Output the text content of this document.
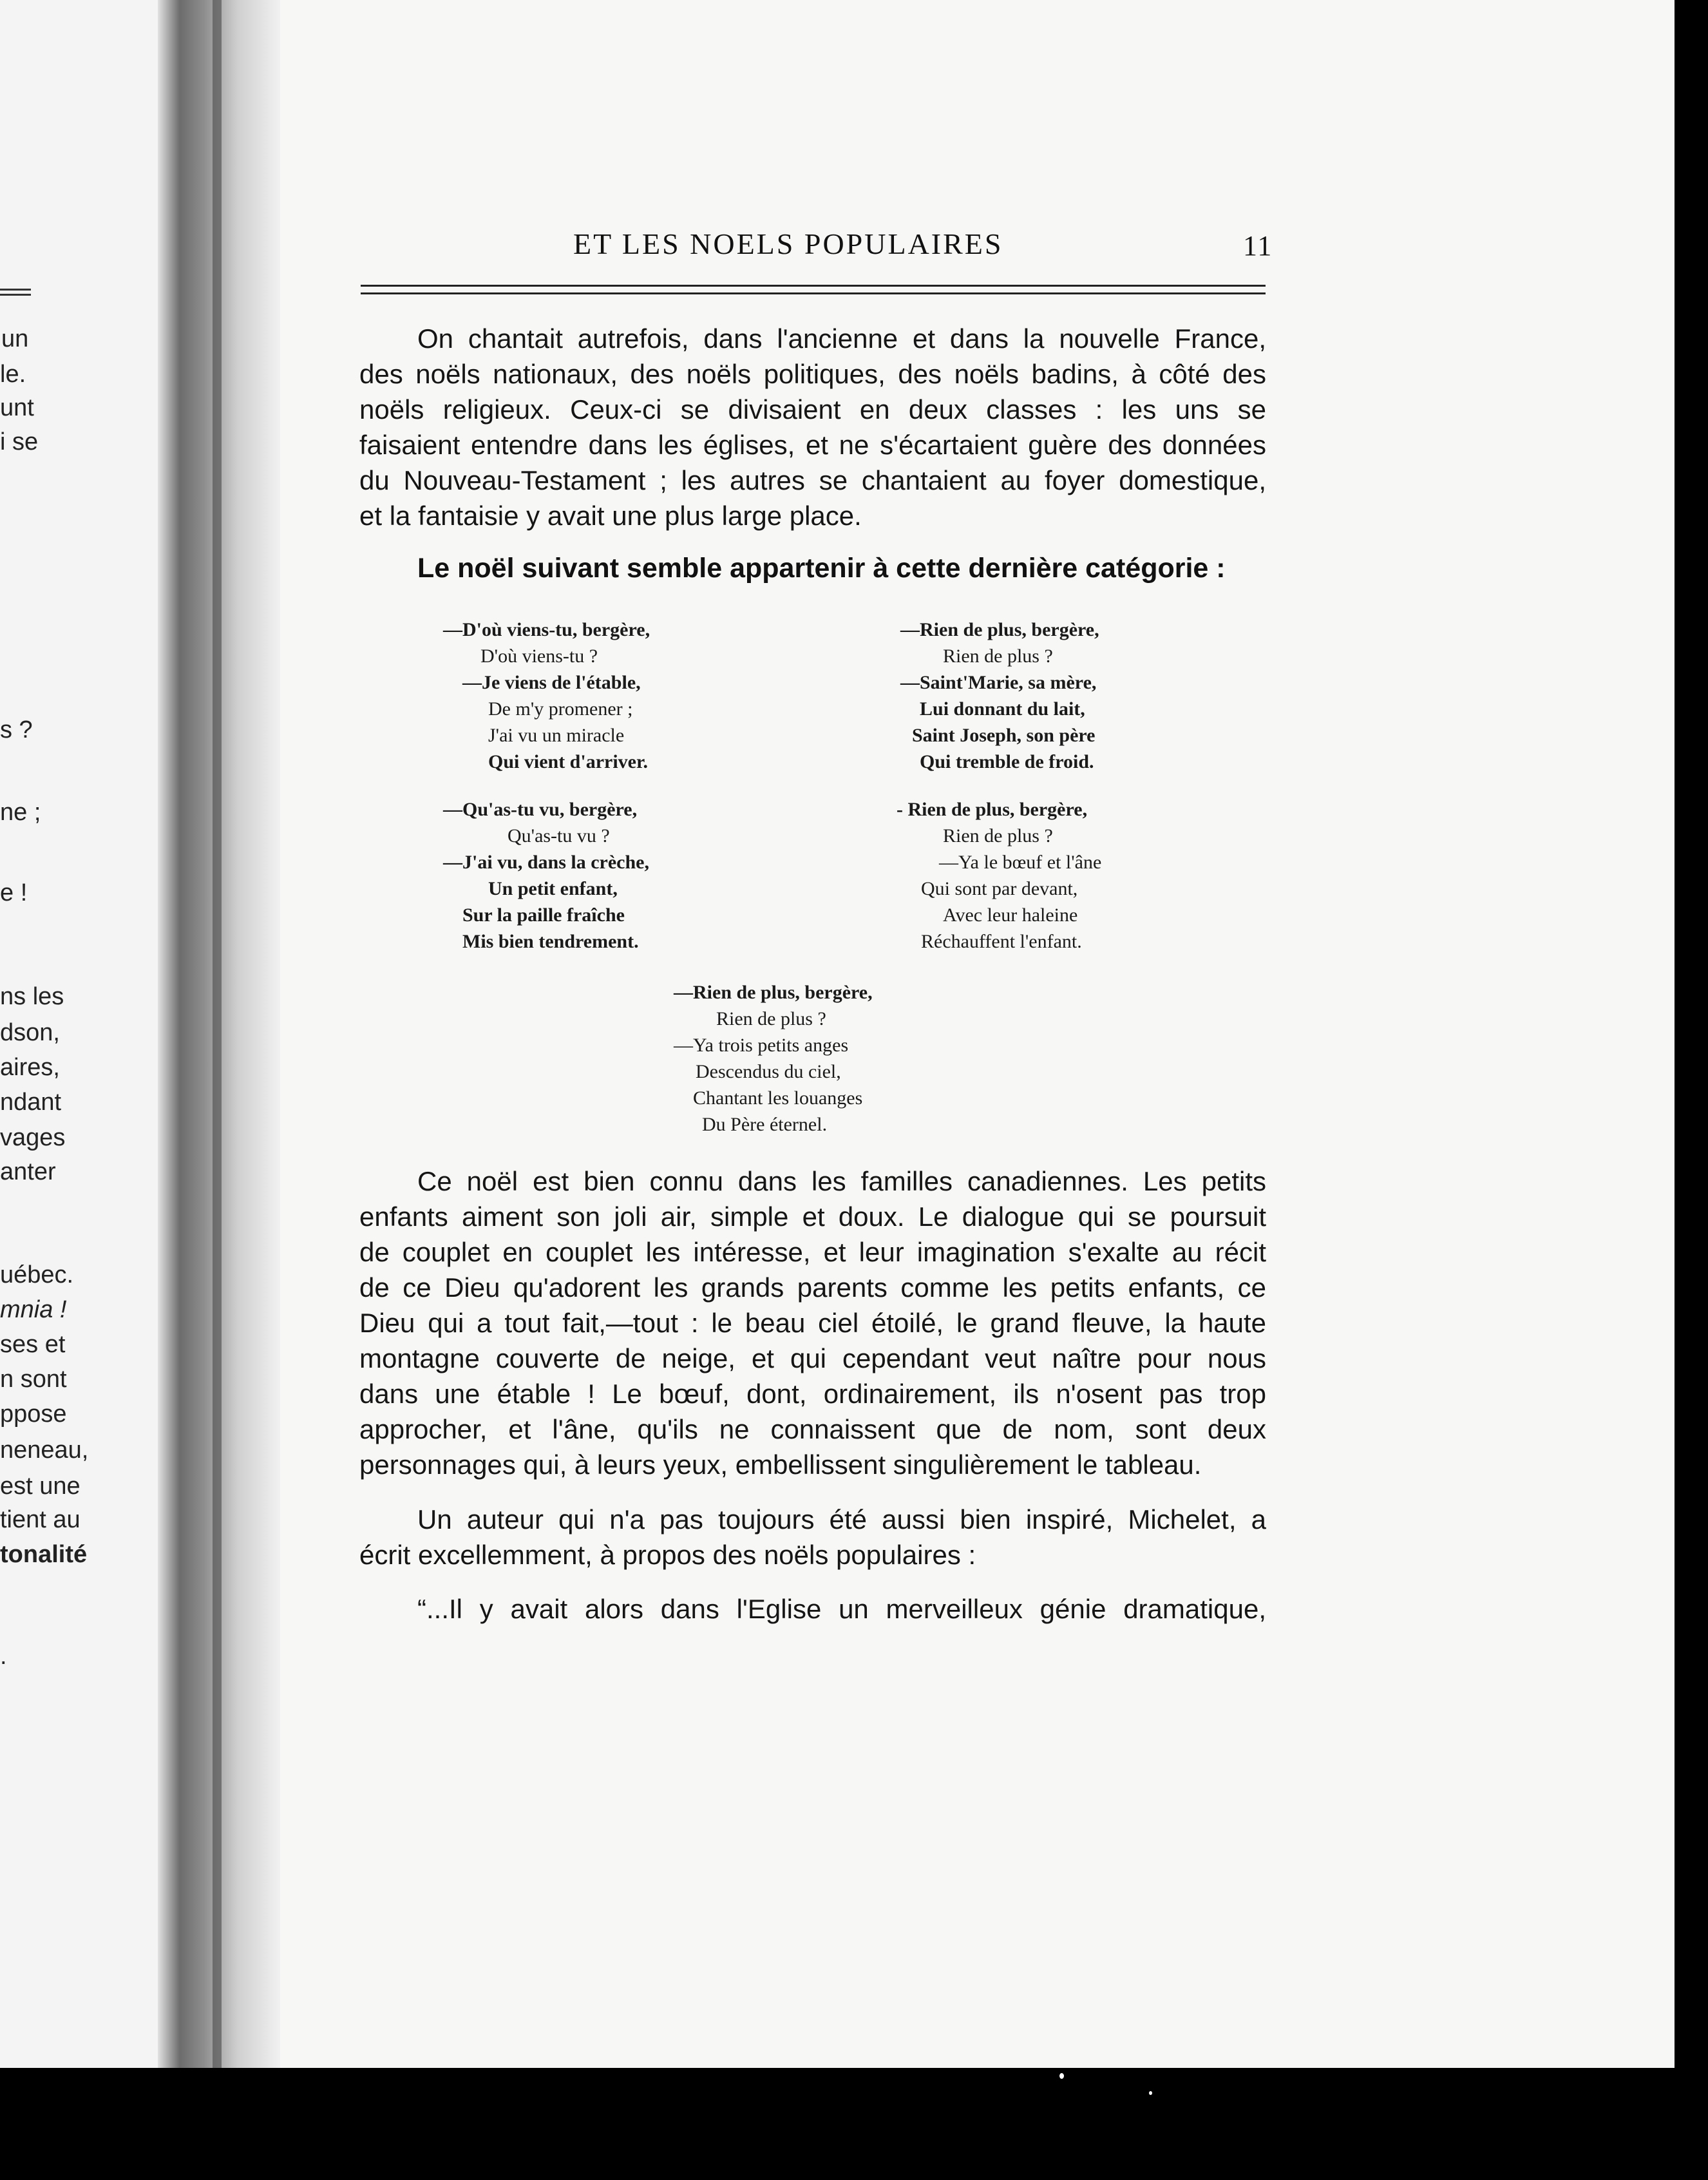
un
le.
unt
i se
s ?
ne ;
e !
ns les
dson,
aires,
ndant
vages
anter
uébec.
mnia !
ses et
n sont
ppose
neneau,
est une
tient au
tonalité
.
ET LES NOELS POPULAIRES	11
On chantait autrefois, dans l'ancienne et dans la nouvelle France,
des noëls nationaux, des noëls politiques, des noëls badins, à côté des
noëls religieux. Ceux-ci se divisaient en deux classes : les uns se
faisaient entendre dans les églises, et ne s'écartaient guère des données
du Nouveau-Testament ; les autres se chantaient au foyer domestique,
et la fantaisie y avait une plus large place.
Le noël suivant semble appartenir à cette dernière catégorie :
—D'où viens-tu, bergère,
D'où viens-tu ?
—Je viens de l'étable,
De m'y promener ;
J'ai vu un miracle
Qui vient d'arriver.
—Qu'as-tu vu, bergère,
Qu'as-tu vu ?
—J'ai vu, dans la crèche,
Un petit enfant,
Sur la paille fraîche
Mis bien tendrement.
—Rien de plus, bergère,
Rien de plus ?
—Saint'Marie, sa mère,
Lui donnant du lait,
Saint Joseph, son père
Qui tremble de froid.
- Rien de plus, bergère,
Rien de plus ?
—Ya le bœuf et l'âne
Qui sont par devant,
Avec leur haleine
Réchauffent l'enfant.
—Rien de plus, bergère,
Rien de plus ?
—Ya trois petits anges
Descendus du ciel,
Chantant les louanges
Du Père éternel.
Ce noël est bien connu dans les familles canadiennes. Les petits
enfants aiment son joli air, simple et doux. Le dialogue qui se poursuit
de couplet en couplet les intéresse, et leur imagination s'exalte au récit
de ce Dieu qu'adorent les grands parents comme les petits enfants, ce
Dieu qui a tout fait,—tout : le beau ciel étoilé, le grand fleuve, la haute
montagne couverte de neige, et qui cependant veut naître pour nous
dans une étable ! Le bœuf, dont, ordinairement, ils n'osent pas trop
approcher, et l'âne, qu'ils ne connaissent que de nom, sont deux
personnages qui, à leurs yeux, embellissent singulièrement le tableau.
Un auteur qui n'a pas toujours été aussi bien inspiré, Michelet, a
écrit excellemment, à propos des noëls populaires :
“...Il y avait alors dans l'Eglise un merveilleux génie dramatique,
